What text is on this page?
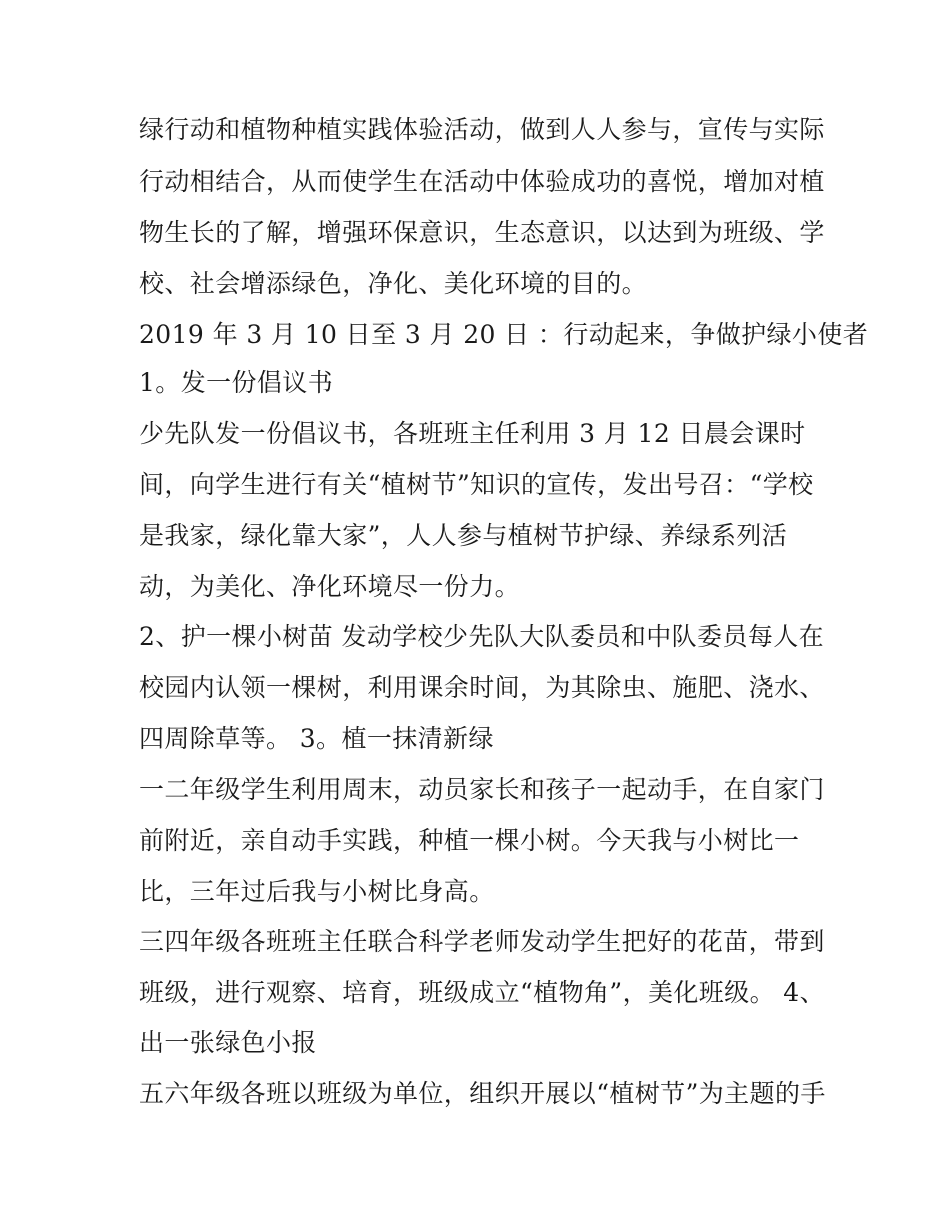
绿行动和植物种植实践体验活动，做到人人参与，宣传与实际
行动相结合，从而使学生在活动中体验成功的喜悦，增加对植
物生长的了解，增强环保意识，生态意识，以达到为班级、学
校、社会增添绿色，净化、美化环境的目的。
2019 年 3 月 10 日至 3 月 20 日 ：行动起来，争做护绿小使者
1。发一份倡议书
少先队发一份倡议书，各班班主任利用 3 月 12 日晨会课时
间，向学生进行有关“植树节”知识的宣传，发出号召：“学校
是我家，绿化靠大家”，人人参与植树节护绿、养绿系列活
动，为美化、净化环境尽一份力。
2、护一棵小树苗 发动学校少先队大队委员和中队委员每人在
校园内认领一棵树，利用课余时间，为其除虫、施肥、浇水、
四周除草等。 3。植一抹清新绿
一二年级学生利用周末，动员家长和孩子一起动手，在自家门
前附近，亲自动手实践，种植一棵小树。今天我与小树比一
比，三年过后我与小树比身高。
三四年级各班班主任联合科学老师发动学生把好的花苗，带到
班级，进行观察、培育，班级成立“植物角”，美化班级。 4、
出一张绿色小报
五六年级各班以班级为单位，组织开展以“植树节”为主题的手
